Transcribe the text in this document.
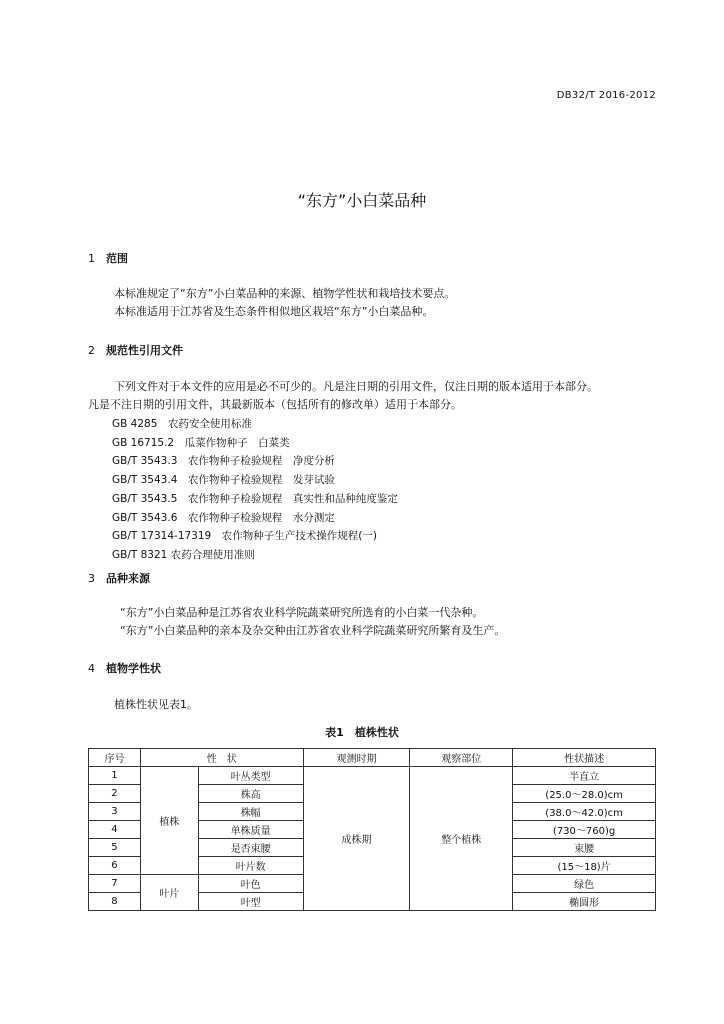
DB32/T 2016-2012
“东方”小白菜品种
1 范围
本标准规定了“东方”小白菜品种的来源、植物学性状和栽培技术要点。
本标准适用于江苏省及生态条件相似地区栽培“东方”小白菜品种。
2 规范性引用文件
下列文件对于本文件的应用是必不可少的。凡是注日期的引用文件，仅注日期的版本适用于本部分。
凡是不注日期的引用文件，其最新版本（包括所有的修改单）适用于本部分。
GB 4285　农药安全使用标准
GB 16715.2　瓜菜作物种子　白菜类
GB/T 3543.3　农作物种子检验规程　净度分析
GB/T 3543.4　农作物种子检验规程　发芽试验
GB/T 3543.5　农作物种子检验规程　真实性和品种纯度鉴定
GB/T 3543.6　农作物种子检验规程　水分测定
GB/T 17314-17319　农作物种子生产技术操作规程(一)
GB/T 8321 农药合理使用准则
3 品种来源
“东方”小白菜品种是江苏省农业科学院蔬菜研究所选育的小白菜一代杂种。
“东方”小白菜品种的亲本及杂交种由江苏省农业科学院蔬菜研究所繁育及生产。
4 植物学性状
植株性状见表1。
表1　植株性状
序号	性　状		观测时期	观察部位	性状描述
1	植株	叶丛类型	成株期	整个植株	半直立
2		株高			(25.0～28.0)cm
3		株幅			(38.0～42.0)cm
4		单株质量			(730～760)g
5		是否束腰			束腰
6		叶片数			(15～18)片
7	叶片	叶色			绿色
8		叶型			椭圆形
